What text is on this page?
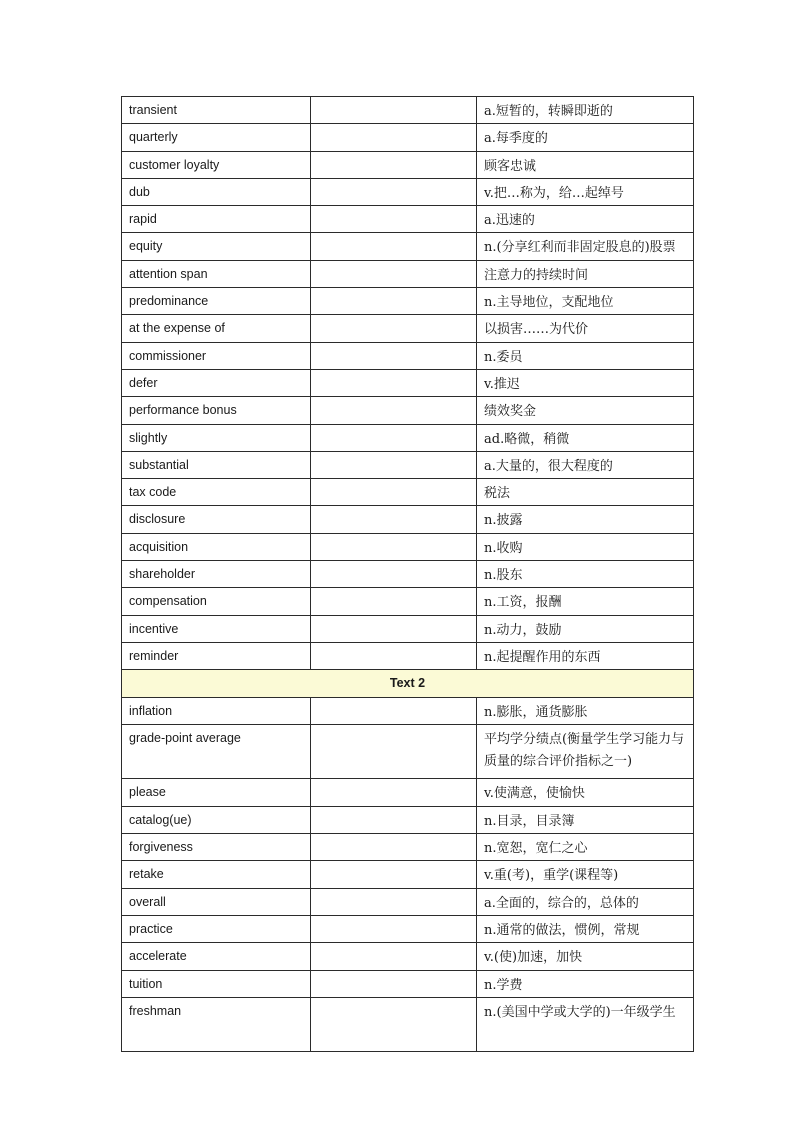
transient		a.短暂的，转瞬即逝的
quarterly		a.每季度的
customer loyalty		顾客忠诚
dub		v.把…称为，给…起绰号
rapid		a.迅速的
equity		n.(分享红利而非固定股息的)股票
attention span		注意力的持续时间
predominance		n.主导地位，支配地位
at the expense of		以损害……为代价
commissioner		n.委员
defer		v.推迟
performance bonus		绩效奖金
slightly		ad.略微，稍微
substantial		a.大量的，很大程度的
tax code		税法
disclosure		n.披露
acquisition		n.收购
shareholder		n.股东
compensation		n.工资，报酬
incentive		n.动力，鼓励
reminder		n.起提醒作用的东西
Text 2		
inflation		n.膨胀，通货膨胀
grade-point average		平均学分绩点(衡量学生学习能力与质量的综合评价指标之一)
please		v.使满意，使愉快
catalog(ue)		n.目录，目录簿
forgiveness		n.宽恕，宽仁之心
retake		v.重(考)，重学(课程等)
overall		a.全面的，综合的，总体的
practice		n.通常的做法，惯例，常规
accelerate		v.(使)加速，加快
tuition		n.学费
freshman		n.(美国中学或大学的)一年级学生
